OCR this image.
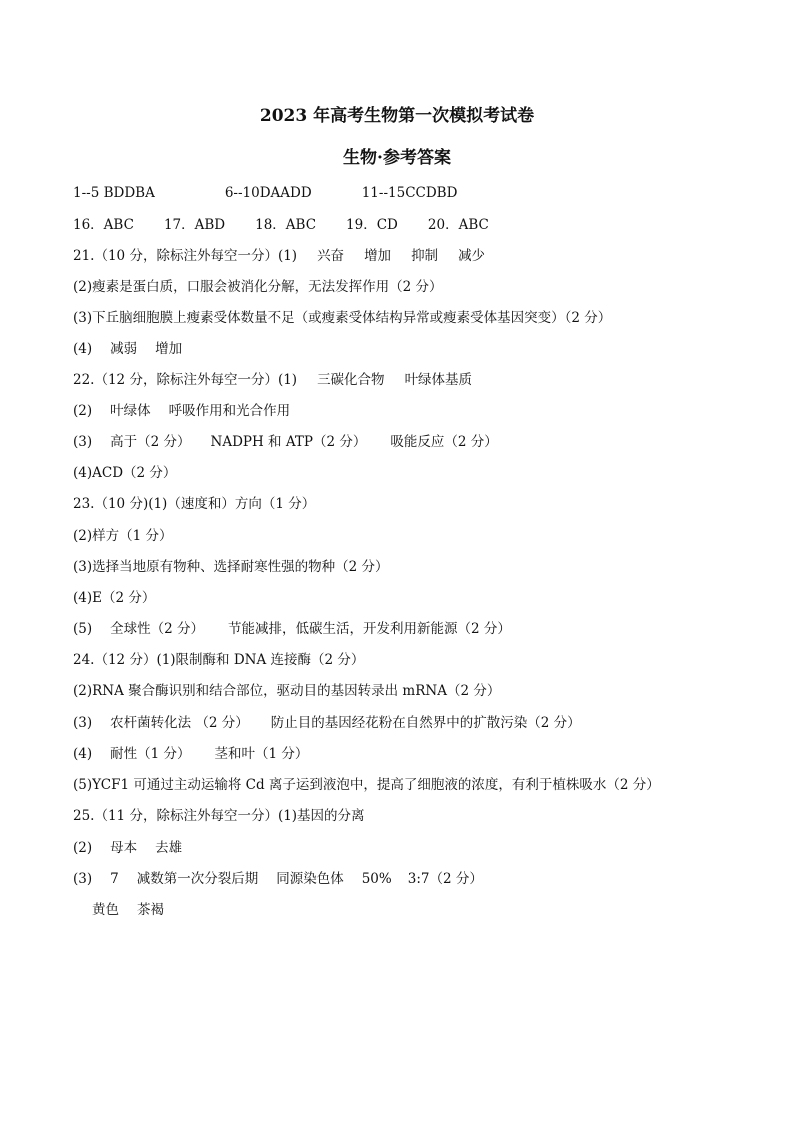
2023 年高考生物第一次模拟考试卷
生物·参考答案
1--5 BDDBA	6--10DAADD	11--15CCDBD
16．ABC 17．ABD 18．ABC 19．CD 20．ABC
21.（10 分，除标注外每空一分）(1) 兴奋 增加 抑制 减少
(2)瘦素是蛋白质，口服会被消化分解，无法发挥作用（2 分）
(3)下丘脑细胞膜上瘦素受体数量不足（或瘦素受体结构异常或瘦素受体基因突变）（2 分）
(4) 减弱 增加
22.（12 分，除标注外每空一分）(1) 三碳化合物 叶绿体基质
(2) 叶绿体 呼吸作用和光合作用
(3) 高于（2 分） NADPH 和 ATP（2 分） 吸能反应（2 分）
(4)ACD（2 分）
23.（10 分)(1)（速度和）方向（1 分）
(2)样方（1 分）
(3)选择当地原有物种、选择耐寒性强的物种（2 分）
(4)E（2 分）
(5) 全球性（2 分） 节能减排，低碳生活，开发利用新能源（2 分）
24.（12 分）(1)限制酶和 DNA 连接酶（2 分）
(2)RNA 聚合酶识别和结合部位，驱动目的基因转录出 mRNA（2 分）
(3) 农杆菌转化法 （2 分） 防止目的基因经花粉在自然界中的扩散污染（2 分）
(4) 耐性（1 分） 茎和叶（1 分）
(5)YCF1 可通过主动运输将 Cd 离子运到液泡中，提高了细胞液的浓度，有利于植株吸水（2 分）
25.（11 分，除标注外每空一分）(1)基因的分离
(2) 母本 去雄
(3) 7 减数第一次分裂后期 同源染色体 50% 3:7（2 分）
黄色 茶褐
